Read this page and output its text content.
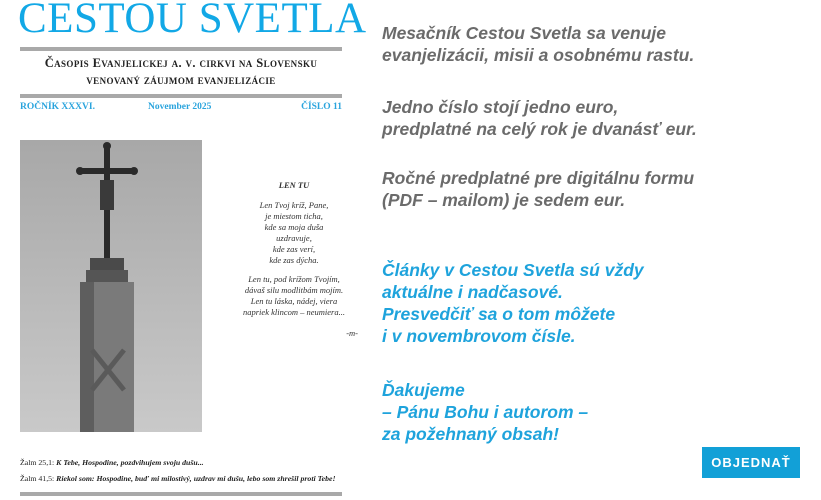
CESTOU SVETLA
Časopis Evanjelickej a. v. cirkvi na Slovensku
venovaný záujmom evanjelizácie
ROČNÍK XXXVI.	November 2025	ČÍSLO 11
LEN TU
Len Tvoj kríž, Pane,
je miestom ticha,
kde sa moja duša
uzdravuje,
kde zas verí,
kde zas dýcha.
Len tu, pod krížom Tvojím,
dávaš silu modlitbám mojím.
Len tu láska, nádej, viera
napriek klincom – neumiera...
-m-
Žalm 25,1: K Tebe, Hospodine, pozdvihujem svoju dušu...
Žalm 41,5: Riekol som: Hospodine, buď mi milostivý, uzdrav mi dušu, lebo som zhrešil proti Tebe!
Mesačník Cestou Svetla sa venuje
evanjelizácii, misii a osobnému rastu.
Jedno číslo stojí jedno euro,
predplatné na celý rok je dvanásť eur.
Ročné predplatné pre digitálnu formu
(PDF – mailom) je sedem eur.
Články v Cestou Svetla sú vždy
aktuálne i nadčasové.
Presvedčiť sa o tom môžete
i v novembrovom čísle.
Ďakujeme
– Pánu Bohu i autorom –
za požehnaný obsah!
OBJEDNAŤ
